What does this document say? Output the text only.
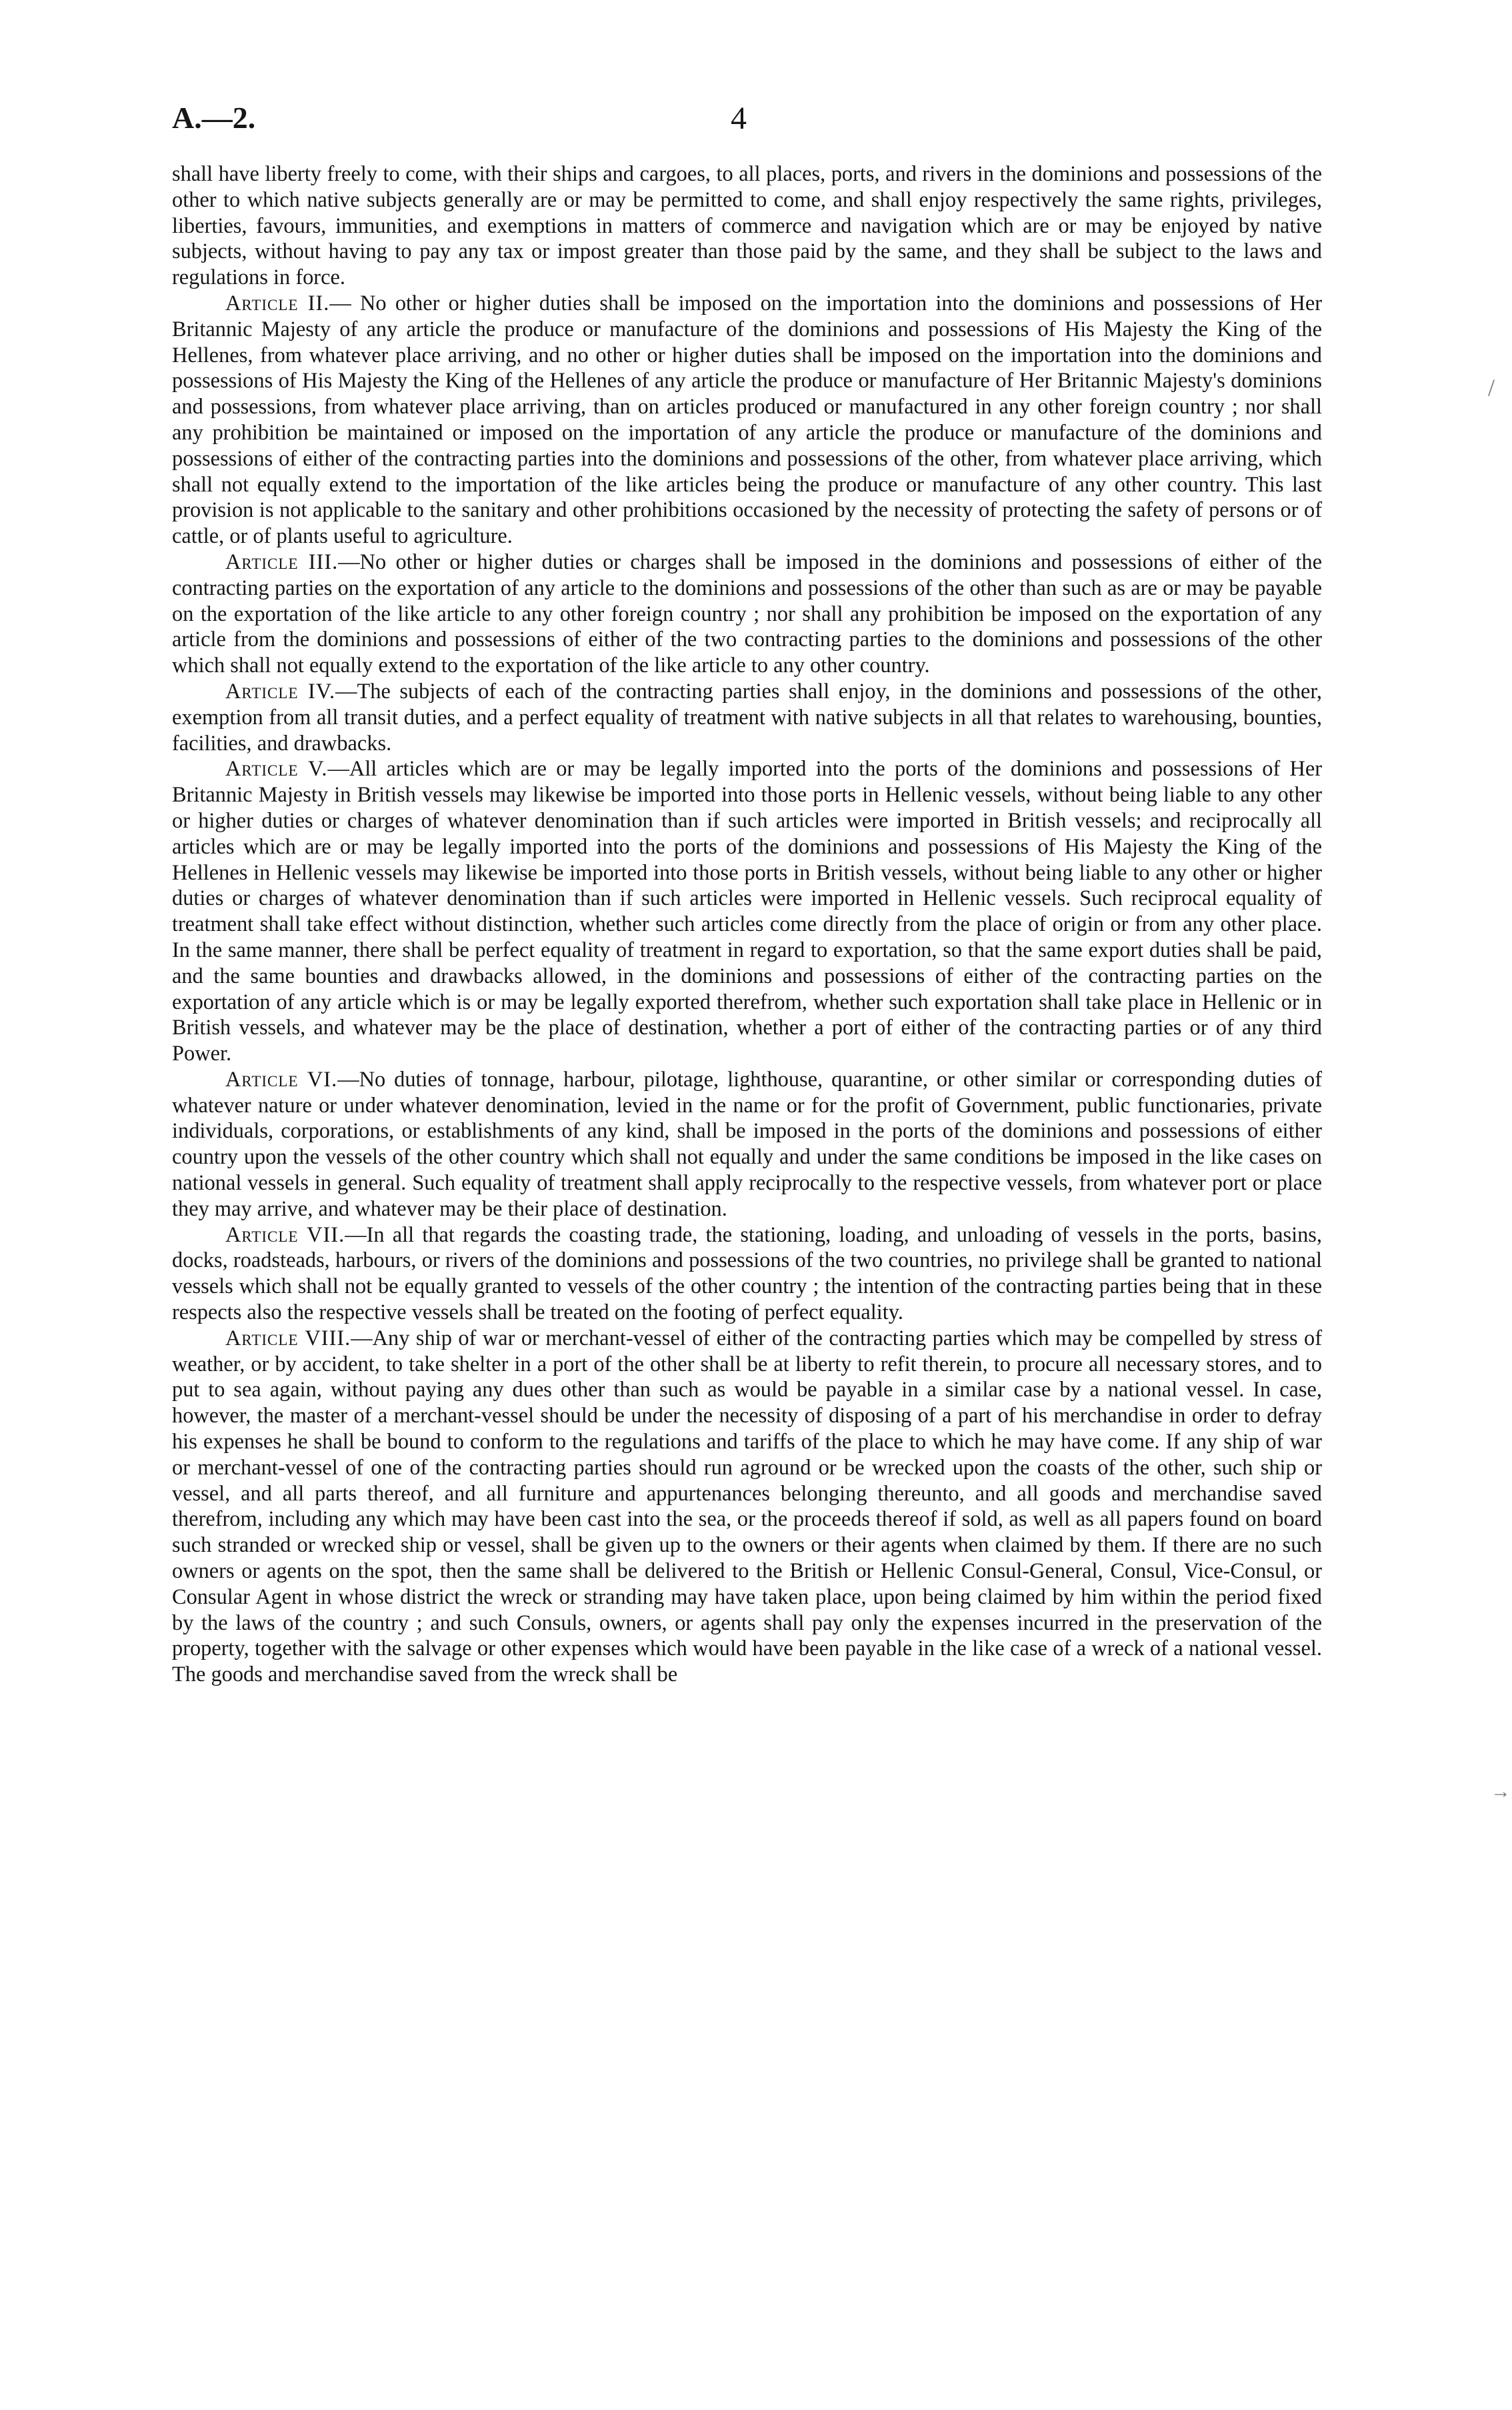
A.—2.	4

shall have liberty freely to come, with their ships and cargoes, to all places, ports, and rivers in the dominions and possessions of the other to which native subjects generally are or may be permitted to come, and shall enjoy respectively the same rights, privileges, liberties, favours, immunities, and exemptions in matters of commerce and navigation which are or may be enjoyed by native subjects, without having to pay any tax or impost greater than those paid by the same, and they shall be subject to the laws and regulations in force.

Article II.— No other or higher duties shall be imposed on the importation into the dominions and possessions of Her Britannic Majesty of any article the produce or manufacture of the dominions and possessions of His Majesty the King of the Hellenes, from whatever place arriving, and no other or higher duties shall be imposed on the importation into the dominions and possessions of His Majesty the King of the Hellenes of any article the produce or manufacture of Her Britannic Majesty's dominions and possessions, from whatever place arriving, than on articles produced or manufactured in any other foreign country ; nor shall any prohibition be maintained or imposed on the importation of any article the produce or manufacture of the dominions and possessions of either of the contracting parties into the dominions and possessions of the other, from whatever place arriving, which shall not equally extend to the importation of the like articles being the produce or manufacture of any other country. This last provision is not applicable to the sanitary and other prohibitions occasioned by the necessity of protecting the safety of persons or of cattle, or of plants useful to agriculture.

Article III.—No other or higher duties or charges shall be imposed in the dominions and possessions of either of the contracting parties on the exportation of any article to the dominions and possessions of the other than such as are or may be payable on the exportation of the like article to any other foreign country ; nor shall any prohibition be imposed on the exportation of any article from the dominions and possessions of either of the two contracting parties to the dominions and possessions of the other which shall not equally extend to the exportation of the like article to any other country.

Article IV.—The subjects of each of the contracting parties shall enjoy, in the dominions and possessions of the other, exemption from all transit duties, and a perfect equality of treatment with native subjects in all that relates to warehousing, bounties, facilities, and drawbacks.

Article V.—All articles which are or may be legally imported into the ports of the dominions and possessions of Her Britannic Majesty in British vessels may likewise be imported into those ports in Hellenic vessels, without being liable to any other or higher duties or charges of whatever denomination than if such articles were imported in British vessels; and reciprocally all articles which are or may be legally imported into the ports of the dominions and possessions of His Majesty the King of the Hellenes in Hellenic vessels may likewise be imported into those ports in British vessels, without being liable to any other or higher duties or charges of whatever denomination than if such articles were imported in Hellenic vessels. Such reciprocal equality of treatment shall take effect without distinction, whether such articles come directly from the place of origin or from any other place. In the same manner, there shall be perfect equality of treatment in regard to exportation, so that the same export duties shall be paid, and the same bounties and drawbacks allowed, in the dominions and possessions of either of the contracting parties on the exportation of any article which is or may be legally exported therefrom, whether such exportation shall take place in Hellenic or in British vessels, and whatever may be the place of destination, whether a port of either of the contracting parties or of any third Power.

Article VI.—No duties of tonnage, harbour, pilotage, lighthouse, quarantine, or other similar or corresponding duties of whatever nature or under whatever denomination, levied in the name or for the profit of Government, public functionaries, private individuals, corporations, or establishments of any kind, shall be imposed in the ports of the dominions and possessions of either country upon the vessels of the other country which shall not equally and under the same conditions be imposed in the like cases on national vessels in general. Such equality of treatment shall apply reciprocally to the respective vessels, from whatever port or place they may arrive, and whatever may be their place of destination.

Article VII.—In all that regards the coasting trade, the stationing, loading, and unloading of vessels in the ports, basins, docks, roadsteads, harbours, or rivers of the dominions and possessions of the two countries, no privilege shall be granted to national vessels which shall not be equally granted to vessels of the other country ; the intention of the contracting parties being that in these respects also the respective vessels shall be treated on the footing of perfect equality.

Article VIII.—Any ship of war or merchant-vessel of either of the contracting parties which may be compelled by stress of weather, or by accident, to take shelter in a port of the other shall be at liberty to refit therein, to procure all necessary stores, and to put to sea again, without paying any dues other than such as would be payable in a similar case by a national vessel. In case, however, the master of a merchant-vessel should be under the necessity of disposing of a part of his merchandise in order to defray his expenses he shall be bound to conform to the regulations and tariffs of the place to which he may have come. If any ship of war or merchant-vessel of one of the contracting parties should run aground or be wrecked upon the coasts of the other, such ship or vessel, and all parts thereof, and all furniture and appurtenances belonging thereunto, and all goods and merchandise saved therefrom, including any which may have been cast into the sea, or the proceeds thereof if sold, as well as all papers found on board such stranded or wrecked ship or vessel, shall be given up to the owners or their agents when claimed by them. If there are no such owners or agents on the spot, then the same shall be delivered to the British or Hellenic Consul-General, Consul, Vice-Consul, or Consular Agent in whose district the wreck or stranding may have taken place, upon being claimed by him within the period fixed by the laws of the country ; and such Consuls, owners, or agents shall pay only the expenses incurred in the preservation of the property, together with the salvage or other expenses which would have been payable in the like case of a wreck of a national vessel. The goods and merchandise saved from the wreck shall be

/
→
